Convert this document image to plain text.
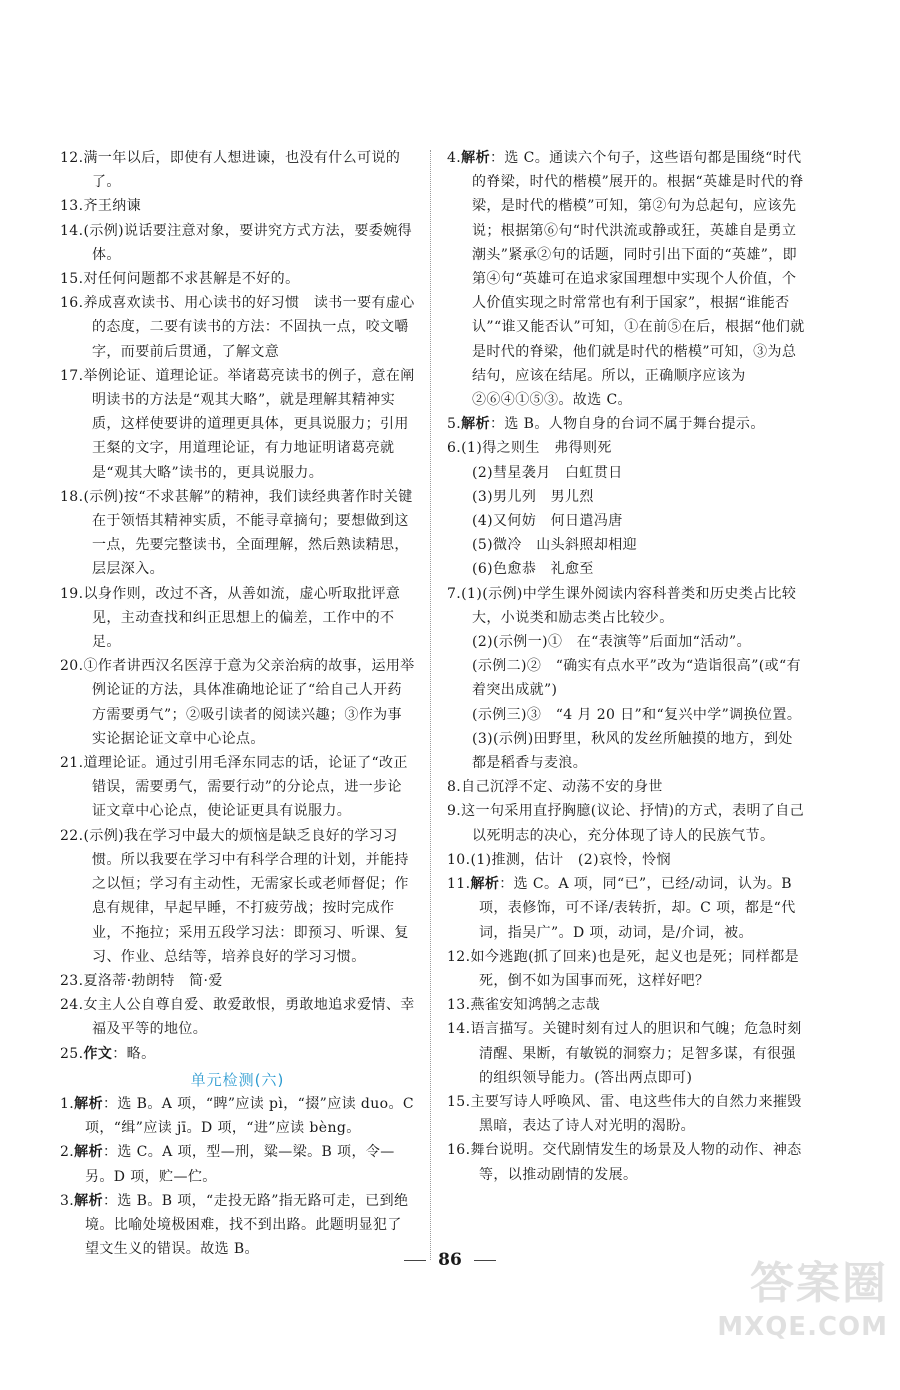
12.满一年以后，即使有人想进谏，也没有什么可说的了。

13.齐王纳谏

14.(示例)说话要注意对象，要讲究方式方法，要委婉得体。

15.对任何问题都不求甚解是不好的。

16.养成喜欢读书、用心读书的好习惯　读书一要有虚心的态度，二要有读书的方法：不固执一点，咬文嚼字，而要前后贯通，了解文意

17.举例论证、道理论证。举诸葛亮读书的例子，意在阐明读书的方法是“观其大略”，就是理解其精神实质，这样使要讲的道理更具体，更具说服力；引用王粲的文字，用道理论证，有力地证明诸葛亮就是“观其大略”读书的，更具说服力。

18.(示例)按“不求甚解”的精神，我们读经典著作时关键在于领悟其精神实质，不能寻章摘句；要想做到这一点，先要完整读书，全面理解，然后熟读精思，层层深入。

19.以身作则，改过不吝，从善如流，虚心听取批评意见，主动查找和纠正思想上的偏差，工作中的不足。

20.①作者讲西汉名医淳于意为父亲治病的故事，运用举例论证的方法，具体准确地论证了“给自己人开药方需要勇气”；②吸引读者的阅读兴趣；③作为事实论据论证文章中心论点。

21.道理论证。通过引用毛泽东同志的话，论证了“改正错误，需要勇气，需要行动”的分论点，进一步论证文章中心论点，使论证更具有说服力。

22.(示例)我在学习中最大的烦恼是缺乏良好的学习习惯。所以我要在学习中有科学合理的计划，并能持之以恒；学习有主动性，无需家长或老师督促；作息有规律，早起早睡，不打疲劳战；按时完成作业，不拖拉；采用五段学习法：即预习、听课、复习、作业、总结等，培养良好的学习习惯。

23.夏洛蒂·勃朗特　简·爱

24.女主人公自尊自爱、敢爱敢恨，勇敢地追求爱情、幸福及平等的地位。

25.作文：略。

单元检测(六)

1.解析：选 B。A 项，“睥”应读 pì，“掇”应读 duo。C 项，“缉”应读 jī。D 项，“进”应读 bèng。

2.解析：选 C。A 项，型—刑，粱—梁。B 项，令—另。D 项，贮—伫。

3.解析：选 B。B 项，“走投无路”指无路可走，已到绝境。比喻处境极困难，找不到出路。此题明显犯了望文生义的错误。故选 B。

4.解析：选 C。通读六个句子，这些语句都是围绕“时代的脊梁，时代的楷模”展开的。根据“英雄是时代的脊梁，是时代的楷模”可知，第②句为总起句，应该先说；根据第⑥句“时代洪流或静或狂，英雄自是勇立潮头”紧承②句的话题，同时引出下面的“英雄”，即第④句“英雄可在追求家国理想中实现个人价值，个人价值实现之时常常也有利于国家”，根据“谁能否认”“谁又能否认”可知，①在前⑤在后，根据“他们就是时代的脊梁，他们就是时代的楷模”可知，③为总结句，应该在结尾。所以，正确顺序应该为②⑥④①⑤③。故选 C。

5.解析：选 B。人物自身的台词不属于舞台提示。

6.(1)得之则生　弗得则死

(2)彗星袭月　白虹贯日

(3)男儿列　男儿烈

(4)又何妨　何日遣冯唐

(5)微冷　山头斜照却相迎

(6)色愈恭　礼愈至

7.(1)(示例)中学生课外阅读内容科普类和历史类占比较大，小说类和励志类占比较少。

(2)(示例一)①　在“表演等”后面加“活动”。

(示例二)②　“确实有点水平”改为“造诣很高”(或“有着突出成就”)

(示例三)③　“4 月 20 日”和“复兴中学”调换位置。

(3)(示例)田野里，秋风的发丝所触摸的地方，到处都是稻香与麦浪。

8.自己沉浮不定、动荡不安的身世

9.这一句采用直抒胸臆(议论、抒情)的方式，表明了自己以死明志的决心，充分体现了诗人的民族气节。

10.(1)推测，估计　(2)哀怜，怜悯

11.解析：选 C。A 项，同“已”，已经/动词，认为。B 项，表修饰，可不译/表转折，却。C 项，都是“代词，指吴广”。D 项，动词，是/介词，被。

12.如今逃跑(抓了回来)也是死，起义也是死；同样都是死，倒不如为国事而死，这样好吧？

13.燕雀安知鸿鹄之志哉

14.语言描写。关键时刻有过人的胆识和气魄；危急时刻清醒、果断，有敏锐的洞察力；足智多谋，有很强的组织领导能力。(答出两点即可)

15.主要写诗人呼唤风、雷、电这些伟大的自然力来摧毁黑暗，表达了诗人对光明的渴盼。

16.舞台说明。交代剧情发生的场景及人物的动作、神态等，以推动剧情的发展。

86	答案圈
MXQE.COM
